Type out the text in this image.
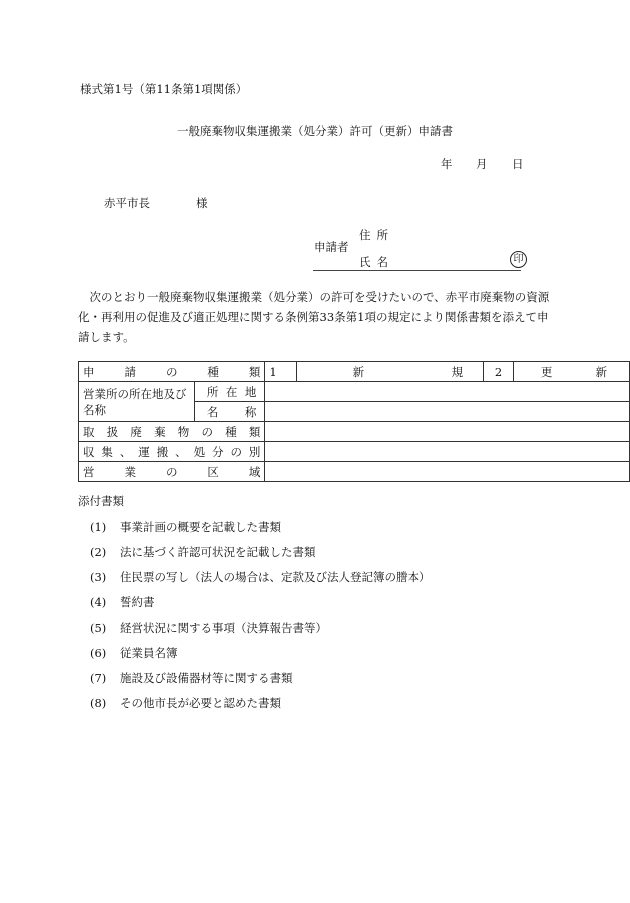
様式第1号（第11条第1項関係）
一般廃棄物収集運搬業（処分業）許可（更新）申請書
年 月 日
赤平市長	様
申請者
住所
氏名	印
次のとおり一般廃棄物収集運搬業（処分業）の許可を受けたいので、赤平市廃棄物の資源化・再利用の促進及び適正処理に関する条例第33条第1項の規定により関係書類を添えて申請します。
申請の種類		1	新規	2	更新

営業所の所在地及び名称	所在地				

	名称				

取扱廃棄物の種類					

収集、運搬、処分の別					

営業の区域					

添付書類
(1) 事業計画の概要を記載した書類
(2) 法に基づく許認可状況を記載した書類
(3) 住民票の写し（法人の場合は、定款及び法人登記簿の謄本）
(4) 誓約書
(5) 経営状況に関する事項（決算報告書等）
(6) 従業員名簿
(7) 施設及び設備器材等に関する書類
(8) その他市長が必要と認めた書類
